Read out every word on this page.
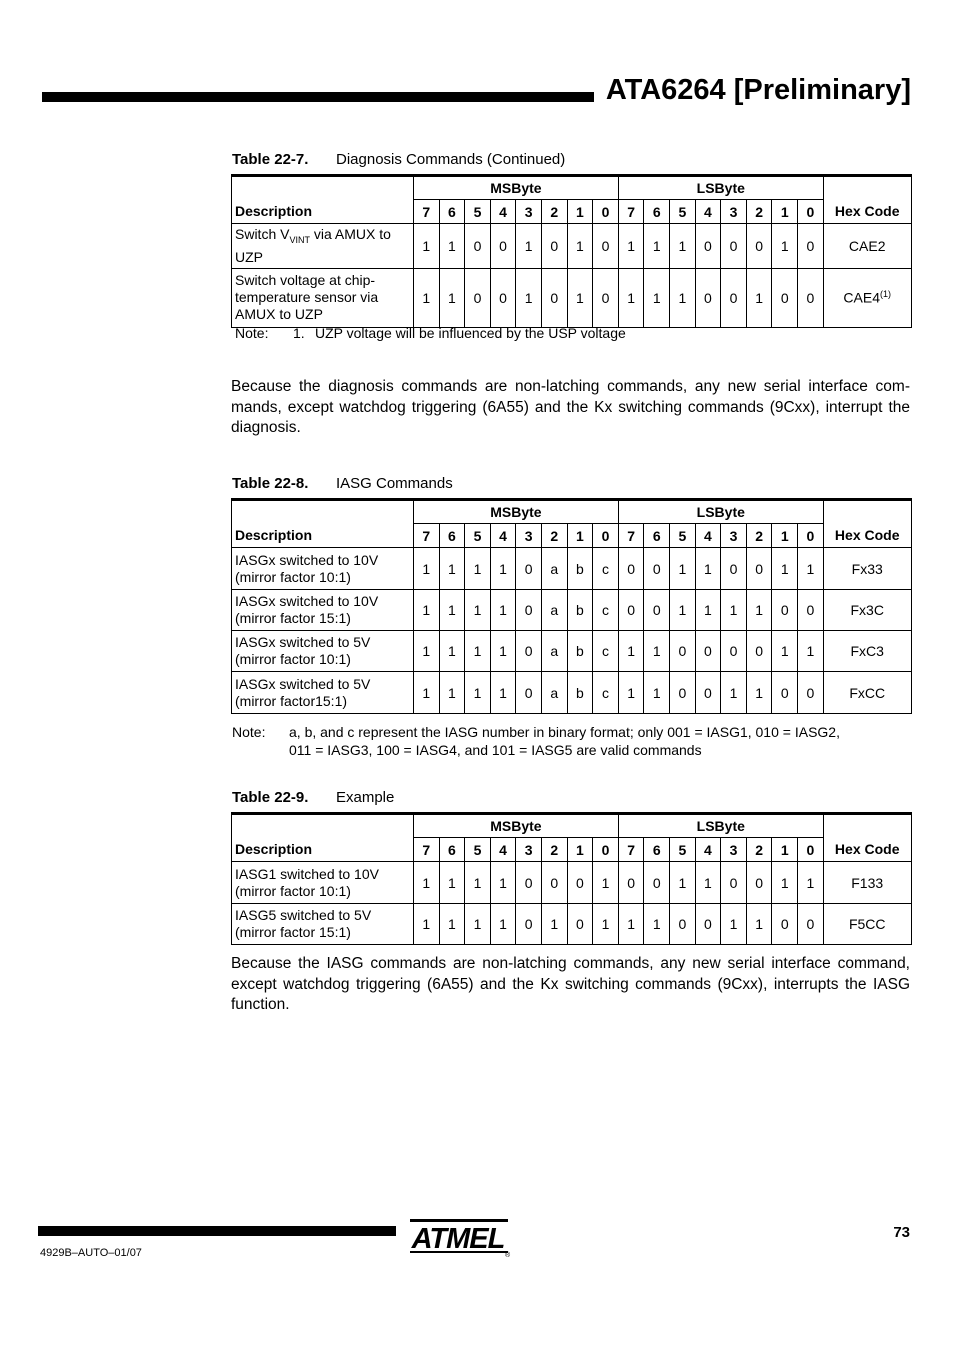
ATA6264 [Preliminary]
Table 22-7. Diagnosis Commands (Continued)
Description	MSByte								LSByte								Hex Code
	7	6	5	4	3	2	1	0	7	6	5	4	3	2	1	0	
Switch $V_{VINT}$ via AMUX to UZP	1	1	0	0	1	0	1	0	1	1	1	0	0	0	1	0	CAE2
Switch voltage at chip-temperature sensor via AMUX to UZP	1	1	0	0	1	0	1	0	1	1	1	0	0	1	0	0	CAE4$^{(1)}$
Note: 1. UZP voltage will be influenced by the USP voltage
Because the diagnosis commands are non-latching commands, any new serial interface com-mands, except watchdog triggering (6A55) and the Kx switching commands (9Cxx), interrupt the diagnosis.
Table 22-8. IASG Commands
Description	MSByte								LSByte								Hex Code
	7	6	5	4	3	2	1	0	7	6	5	4	3	2	1	0	
IASGx switched to 10V (mirror factor 10:1)	1	1	1	1	0	a	b	c	0	0	1	1	0	0	1	1	Fx33
IASGx switched to 10V (mirror factor 15:1)	1	1	1	1	0	a	b	c	0	0	1	1	1	1	0	0	Fx3C
IASGx switched to 5V (mirror factor 10:1)	1	1	1	1	0	a	b	c	1	1	0	0	0	0	1	1	FxC3
IASGx switched to 5V (mirror factor15:1)	1	1	1	1	0	a	b	c	1	1	0	0	1	1	0	0	FxCC
Note: a, b, and c represent the IASG number in binary format; only 001 = IASG1, 010 = IASG2,
011 = IASG3, 100 = IASG4, and 101 = IASG5 are valid commands
Table 22-9. Example
Description	MSByte								LSByte								Hex Code
	7	6	5	4	3	2	1	0	7	6	5	4	3	2	1	0	
IASG1 switched to 10V (mirror factor 10:1)	1	1	1	1	0	0	0	1	0	0	1	1	0	0	1	1	F133
IASG5 switched to 5V (mirror factor 15:1)	1	1	1	1	0	1	0	1	1	1	0	0	1	1	0	0	F5CC
Because the IASG commands are non-latching commands, any new serial interface command, except watchdog triggering (6A55) and the Kx switching commands (9Cxx), interrupts the IASG function.
4929B–AUTO–01/07
73
ATMEL
®
